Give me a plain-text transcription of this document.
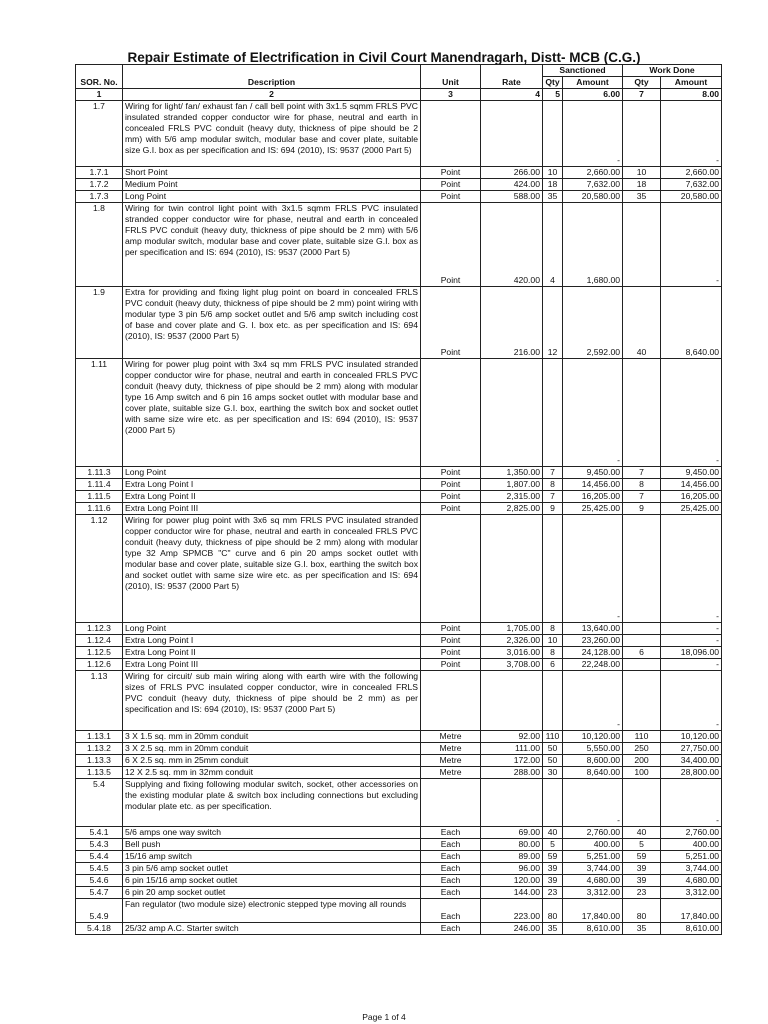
Repair Estimate of Electrification in Civil Court Manendragarh, Distt- MCB (C.G.)
SOR. No.	Description	Unit	Rate	Sanctioned		Work Done	
				Qty	Amount	Qty	Amount
1	2	3	4	5	6.00	7	8.00
1.7	Wiring for light/ fan/ exhaust fan / call bell point with 3x1.5 sqmm FRLS PVC insulated stranded copper conductor wire for phase, neutral and earth in concealed FRLS PVC conduit (heavy duty, thickness of pipe should be 2 mm) with 5/6 amp modular switch, modular base and cover plate, suitable size G.I. box as per specification and IS: 694 (2010), IS: 9537 (2000 Part 5)				-		-
1.7.1	Short Point	Point	266.00	10	2,660.00	10	2,660.00
1.7.2	Medium Point	Point	424.00	18	7,632.00	18	7,632.00
1.7.3	Long Point	Point	588.00	35	20,580.00	35	20,580.00
1.8	Wiring for twin control light point with 3x1.5 sqmm FRLS PVC insulated stranded copper conductor wire for phase, neutral and earth in concealed FRLS PVC conduit (heavy duty, thickness of pipe should be 2 mm) with 5/6 amp modular switch, modular base and cover plate, suitable size G.I. box as per specification and IS: 694 (2010), IS: 9537 (2000 Part 5)	Point	420.00	4	1,680.00		-
1.9	Extra for providing and fixing light plug point on board in concealed FRLS PVC conduit (heavy duty, thickness of pipe should be 2 mm) point wiring with modular type 3 pin 5/6 amp socket outlet and 5/6 amp switch including cost of base and cover plate and G. I. box etc. as per specification and IS: 694 (2010), IS: 9537 (2000 Part 5)	Point	216.00	12	2,592.00	40	8,640.00
1.11	Wiring for power plug point with 3x4 sq mm FRLS PVC insulated stranded copper conductor wire for phase, neutral and earth in concealed FRLS PVC conduit (heavy duty, thickness of pipe should be 2 mm) along with modular type 16 Amp switch and 6 pin 16 amps socket outlet with modular base and cover plate, suitable size G.I. box, earthing the switch box and socket outlet with same size wire etc. as per specification and IS: 694 (2010), IS: 9537 (2000 Part 5)				-		-
1.11.3	Long Point	Point	1,350.00	7	9,450.00	7	9,450.00
1.11.4	Extra Long Point I	Point	1,807.00	8	14,456.00	8	14,456.00
1.11.5	Extra Long Point II	Point	2,315.00	7	16,205.00	7	16,205.00
1.11.6	Extra Long Point III	Point	2,825.00	9	25,425.00	9	25,425.00
1.12	Wiring for power plug point with 3x6 sq mm FRLS PVC insulated stranded copper conductor wire for phase, neutral and earth in concealed FRLS PVC conduit (heavy duty, thickness of pipe should be 2 mm) along with modular type 32 Amp SPMCB "C" curve and 6 pin 20 amps socket outlet with modular base and cover plate, suitable size G.I. box, earthing the switch box and socket outlet with same size wire etc. as per specification and IS: 694 (2010), IS: 9537 (2000 Part 5)				-		-
1.12.3	Long Point	Point	1,705.00	8	13,640.00		-
1.12.4	Extra Long Point I	Point	2,326.00	10	23,260.00		-
1.12.5	Extra Long Point II	Point	3,016.00	8	24,128.00	6	18,096.00
1.12.6	Extra Long Point III	Point	3,708.00	6	22,248.00		-
1.13	Wiring for circuit/ sub main wiring along with earth wire with the following sizes of FRLS PVC insulated copper conductor, wire in concealed FRLS PVC conduit (heavy duty, thickness of pipe should be 2 mm) as per specification and IS: 694 (2010), IS: 9537 (2000 Part 5)				-		-
1.13.1	3 X 1.5 sq. mm in 20mm conduit	Metre	92.00	110	10,120.00	110	10,120.00
1.13.2	3 X 2.5 sq. mm in 20mm conduit	Metre	111.00	50	5,550.00	250	27,750.00
1.13.3	6 X 2.5 sq. mm in 25mm conduit	Metre	172.00	50	8,600.00	200	34,400.00
1.13.5	12 X 2.5 sq. mm in 32mm conduit	Metre	288.00	30	8,640.00	100	28,800.00
5.4	Supplying and fixing following modular switch, socket, other accessories on the existing modular plate & switch box including connections but excluding modular plate etc. as per specification.				-		-
5.4.1	5/6 amps one way switch	Each	69.00	40	2,760.00	40	2,760.00
5.4.3	Bell push	Each	80.00	5	400.00	5	400.00
5.4.4	15/16 amp switch	Each	89.00	59	5,251.00	59	5,251.00
5.4.5	3 pin 5/6 amp socket outlet	Each	96.00	39	3,744.00	39	3,744.00
5.4.6	6 pin 15/16 amp socket outlet	Each	120.00	39	4,680.00	39	4,680.00
5.4.7	6 pin 20 amp socket outlet	Each	144.00	23	3,312.00	23	3,312.00
5.4.9	Fan regulator (two module size) electronic stepped type moving all rounds	Each	223.00	80	17,840.00	80	17,840.00
5.4.18	25/32 amp A.C. Starter switch	Each	246.00	35	8,610.00	35	8,610.00
Page 1 of 4
